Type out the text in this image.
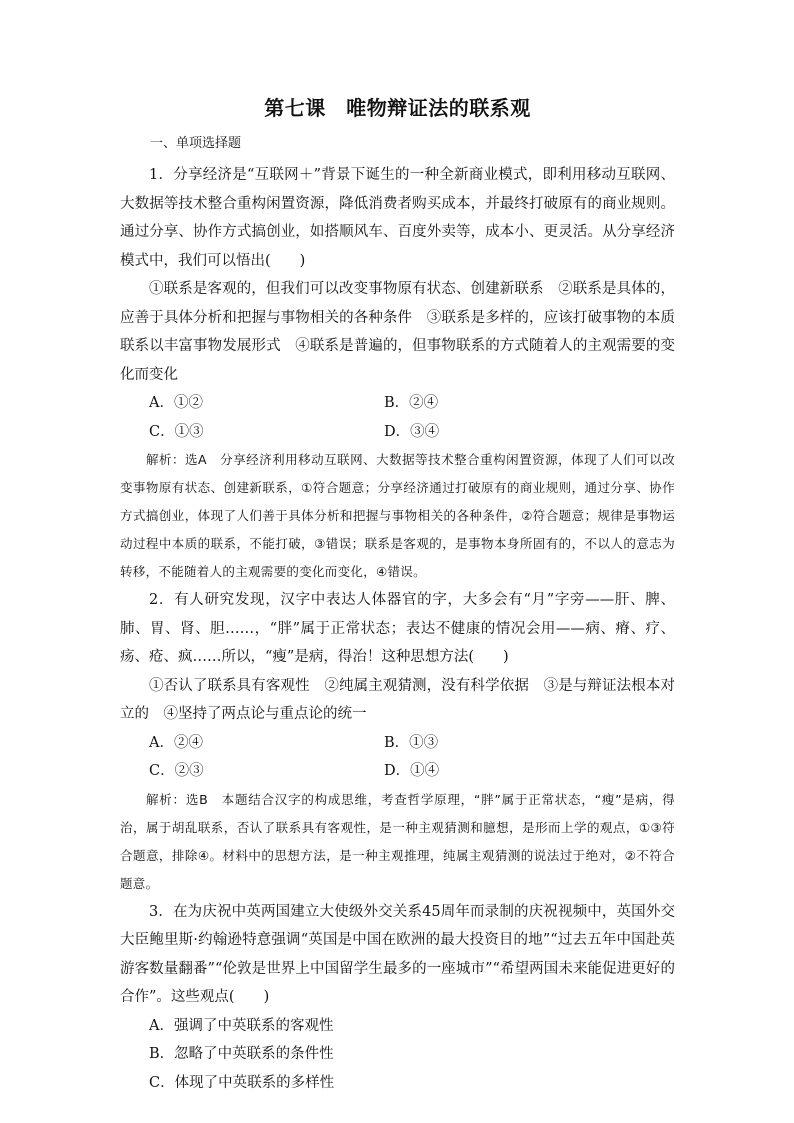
第七课　唯物辩证法的联系观
一、单项选择题

1．分享经济是“互联网＋”背景下诞生的一种全新商业模式，即利用移动互联网、大数据等技术整合重构闲置资源，降低消费者购买成本，并最终打破原有的商业规则。通过分享、协作方式搞创业，如搭顺风车、百度外卖等，成本小、更灵活。从分享经济模式中，我们可以悟出(　　)

①联系是客观的，但我们可以改变事物原有状态、创建新联系　②联系是具体的，应善于具体分析和把握与事物相关的各种条件　③联系是多样的，应该打破事物的本质联系以丰富事物发展形式　④联系是普遍的，但事物联系的方式随着人的主观需要的变化而变化

A．①②	B．②④
C．①③	D．③④

解析：选A　分享经济利用移动互联网、大数据等技术整合重构闲置资源，体现了人们可以改变事物原有状态、创建新联系，①符合题意；分享经济通过打破原有的商业规则，通过分享、协作方式搞创业，体现了人们善于具体分析和把握与事物相关的各种条件，②符合题意；规律是事物运动过程中本质的联系，不能打破，③错误；联系是客观的，是事物本身所固有的，不以人的意志为转移，不能随着人的主观需要的变化而变化，④错误。

2．有人研究发现，汉字中表达人体器官的字，大多会有“月”字旁——肝、脾、肺、胃、肾、胆……，“胖”属于正常状态；表达不健康的情况会用——病、瘠、疗、疡、疮、疯……所以，“瘦”是病，得治！这种思想方法(　　)

①否认了联系具有客观性　②纯属主观猜测，没有科学依据　③是与辩证法根本对立的　④坚持了两点论与重点论的统一

A．②④	B．①③
C．②③	D．①④

解析：选B　本题结合汉字的构成思维，考查哲学原理，“胖”属于正常状态，“瘦”是病，得治，属于胡乱联系，否认了联系具有客观性，是一种主观猜测和臆想，是形而上学的观点，①③符合题意，排除④。材料中的思想方法，是一种主观推理，纯属主观猜测的说法过于绝对，②不符合题意。

3．在为庆祝中英两国建立大使级外交关系45周年而录制的庆祝视频中，英国外交大臣鲍里斯·约翰逊特意强调“英国是中国在欧洲的最大投资目的地”“过去五年中国赴英游客数量翻番”“伦敦是世界上中国留学生最多的一座城市”“希望两国未来能促进更好的合作”。这些观点(　　)

A．强调了中英联系的客观性

B．忽略了中英联系的条件性

C．体现了中英联系的多样性
